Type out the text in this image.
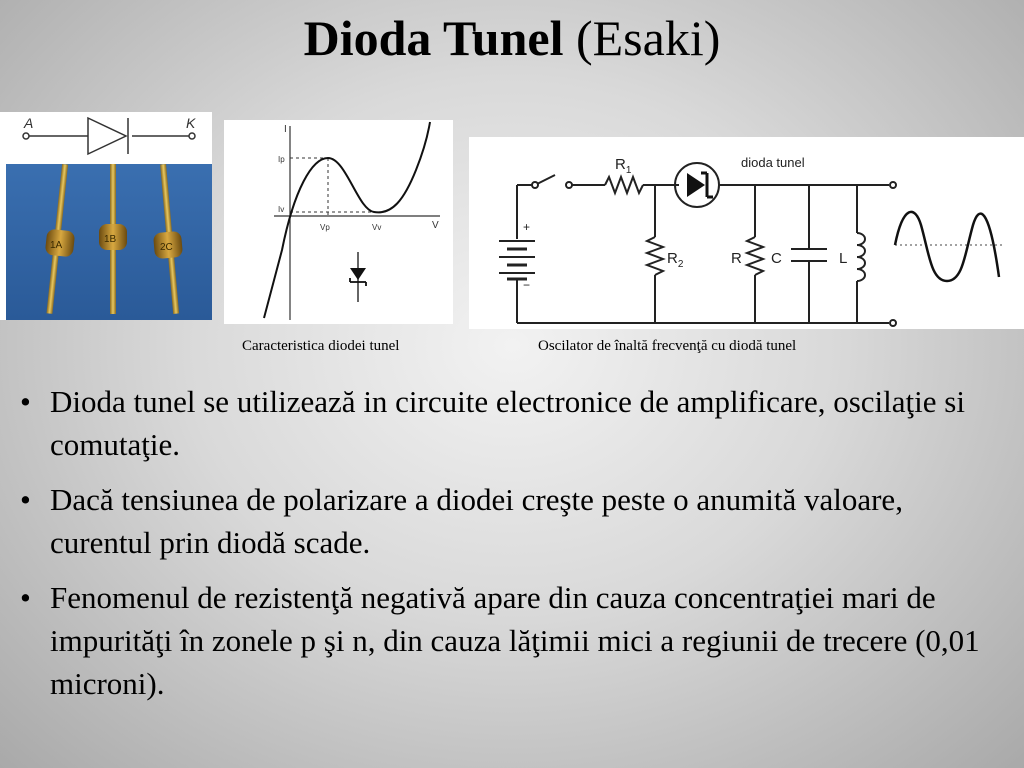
Dioda Tunel (Esaki)
A	K
1A
1B
2C
I
V
Ip
Iv
Vp	Vv	+
−
$R_1$
$R_2$	R C	L
dioda tunel
Caracteristica diodei tunel	Oscilator de înaltă frecvenţă cu diodă tunel
• Dioda tunel se utilizează in circuite electronice de amplificare, oscilaţie si comutaţie.
• Dacă tensiunea de polarizare a diodei creşte peste o anumită valoare, curentul prin diodă scade.
• Fenomenul de rezistenţă negativă apare din cauza concentraţiei mari de impurităţi în zonele p şi n, din cauza lăţimii mici a regiunii de trecere (0,01 microni).
